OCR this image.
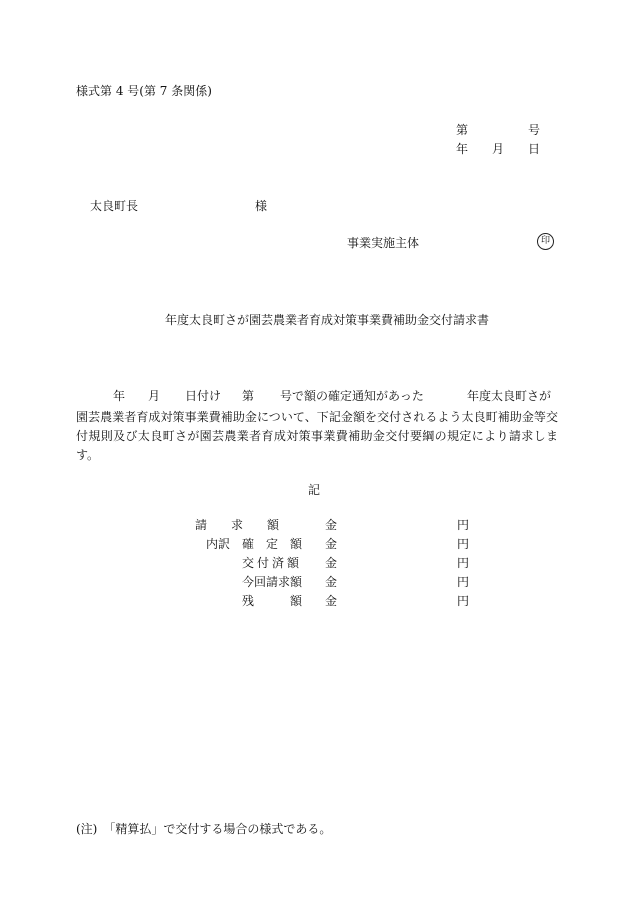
様式第 4 号(第 7 条関係)
第	号
年 月 日
太良町長	様
事業実施主体	印
年度太良町さが園芸農業者育成対策事業費補助金交付請求書
年 月 日付け 第 号で額の確定通知があった	年度太良町さが
園芸農業者育成対策事業費補助金について、下記金額を交付されるよう太良町補助金等交付規則及び太良町さが園芸農業者育成対策事業費補助金交付要綱の規定により請求します。
記
請　　求　　額	金	円
内訳 確　定　額 金	円
交付済額 金	円
今回請求額 金	円
残　　　額 金	円
(注)　「精算払」で交付する場合の様式である。
